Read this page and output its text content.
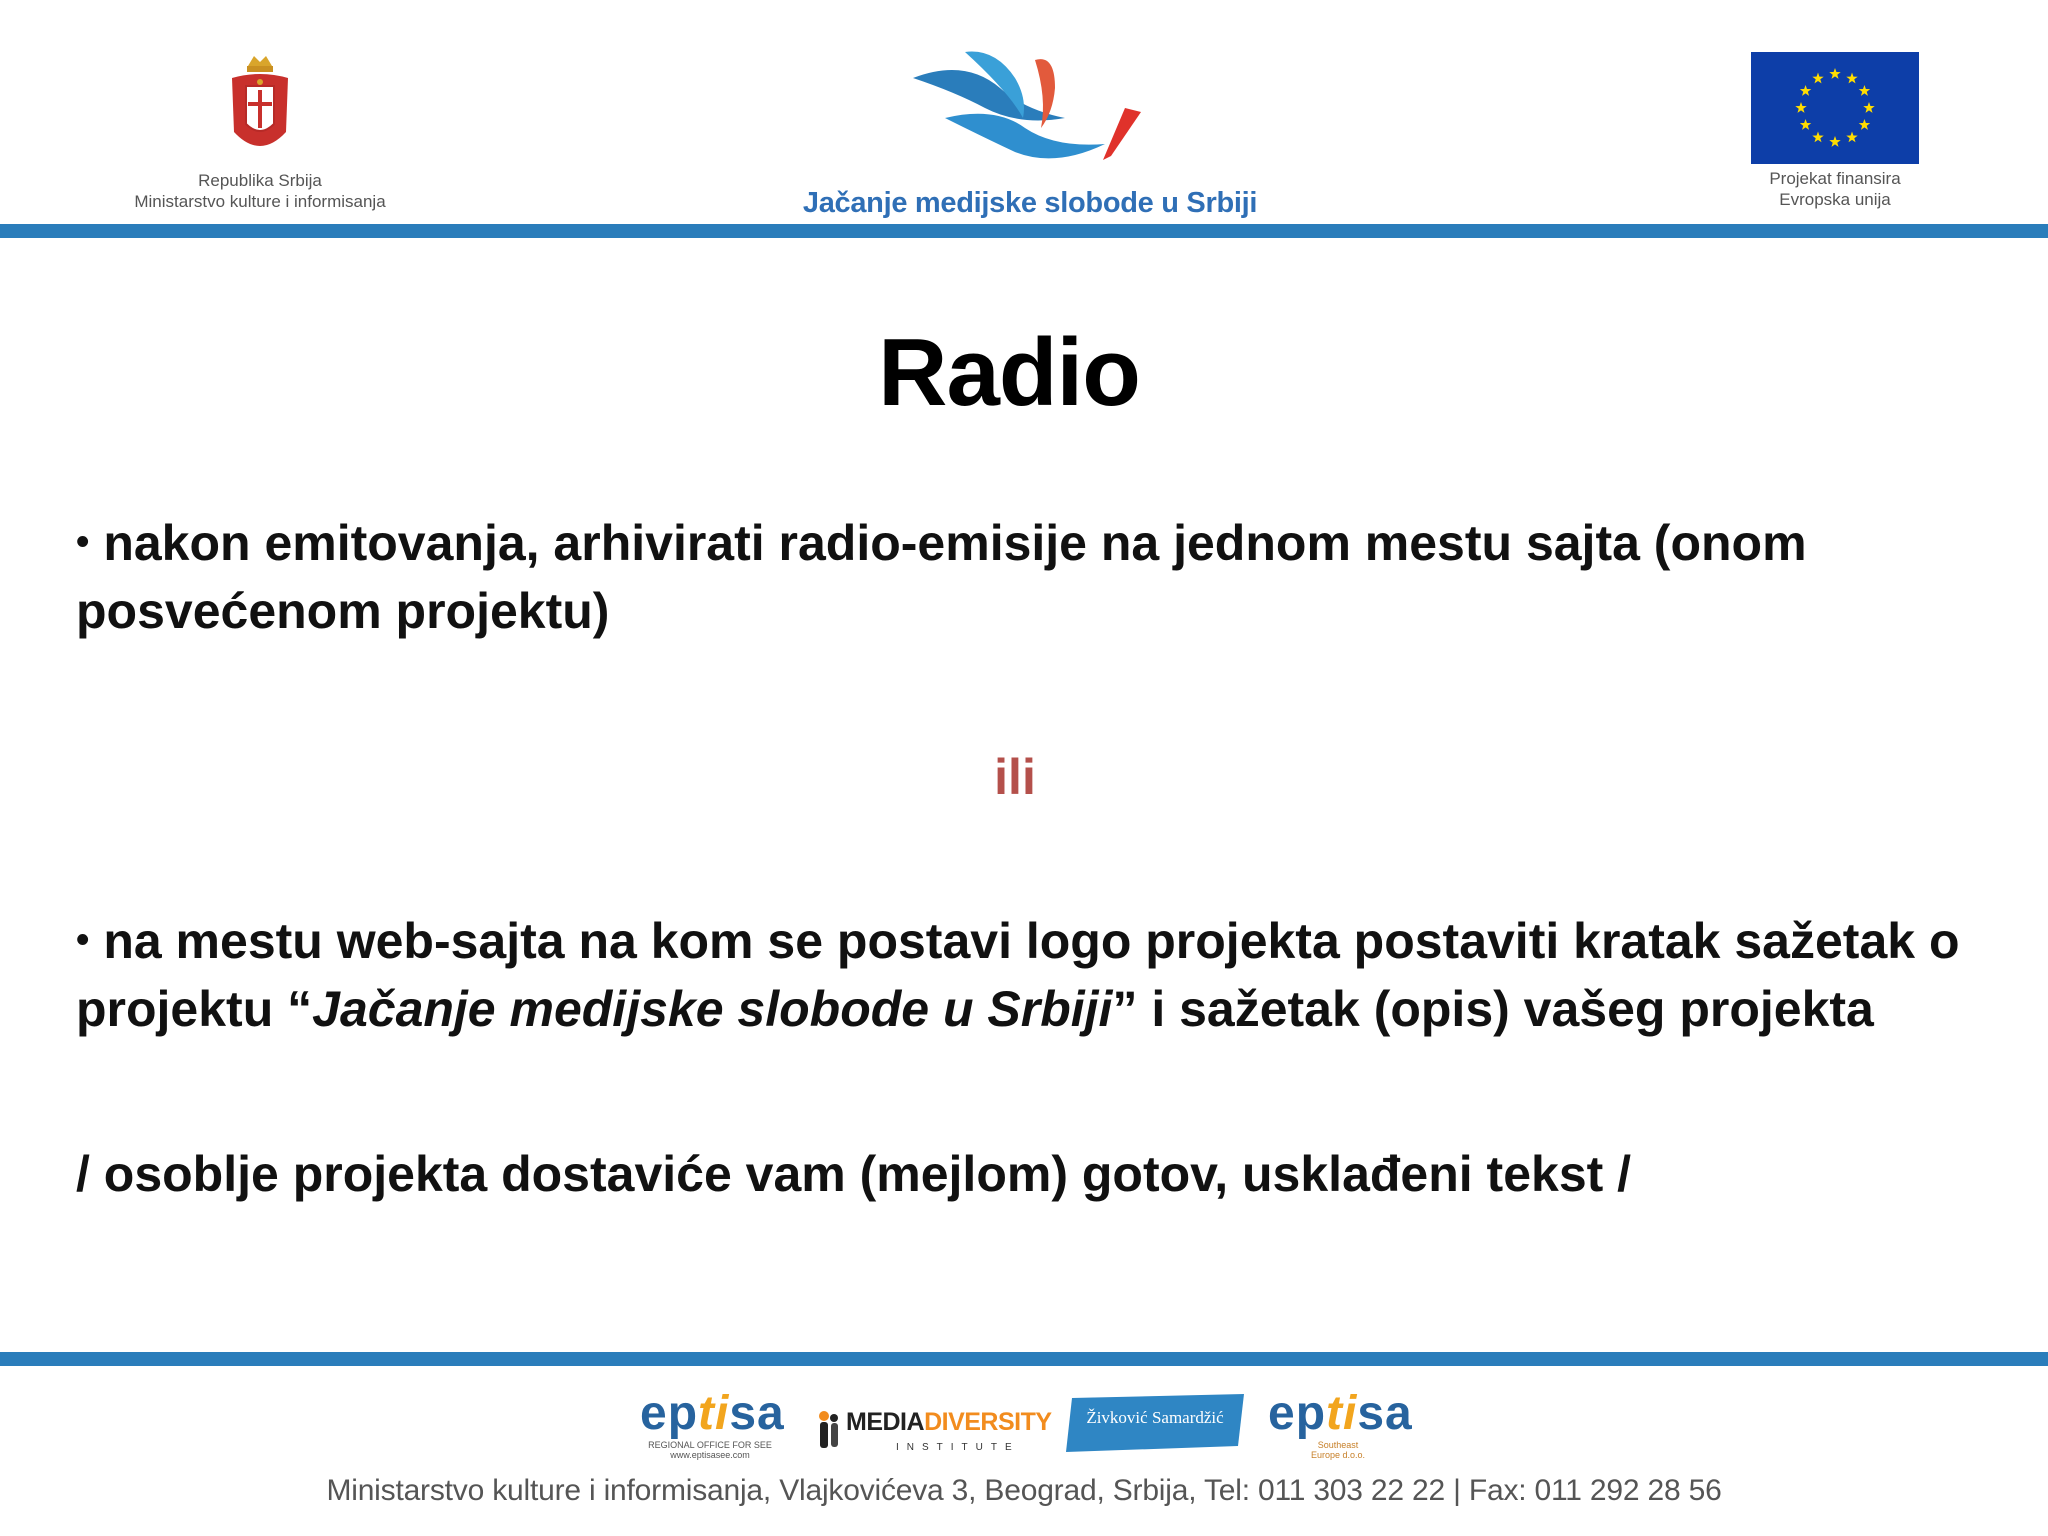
Republika Srbija
Ministarstvo kulture i informisanja	Jačanje medijske slobode u Srbiji
Projekat finansira
Evropska unija
Radio
• nakon emitovanja, arhivirati radio-emisije na jednom mestu sajta (onom posvećenom projektu)
ili
• na mestu web-sajta na kom se postavi logo projekta postaviti kratak sažetak o projektu “Jačanje medijske slobode u Srbiji” i sažetak (opis) vašeg projekta
/ osoblje projekta dostaviće vam (mejlom) gotov, usklađeni tekst /
eptisa
REGIONAL OFFICE FOR SEE
www.eptisasee.com
MEDIADIVERSITY
INSTITUTE
Živković Samardžić eptisa
Southeast
Europe d.o.o.
Ministarstvo kulture i informisanja, Vlajkovićeva 3, Beograd, Srbija, Tel: 011 303 22 22 | Fax: 011 292 28 56
